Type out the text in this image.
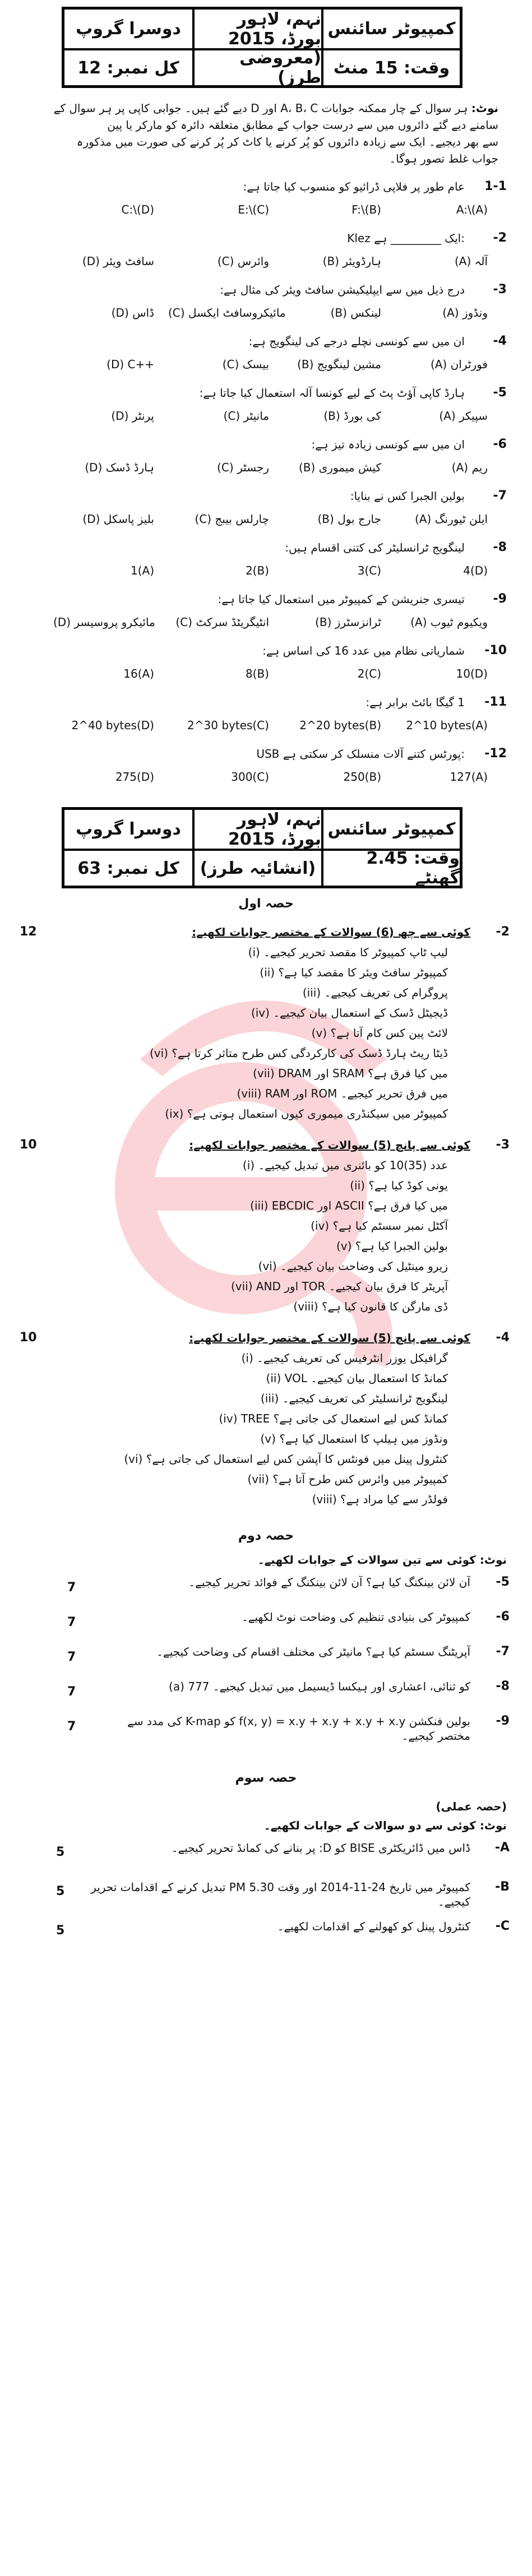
دوسرا گروپ	نہم، لاہور بورڈ، 2015 کمپیوٹر سائنس
کل نمبر: 12	(معروضی طرز) وقت: 15 منٹ
نوٹ: ہر سوال کے چار ممکنہ جوابات A، B، C اور D دیے گئے ہیں۔ جوابی کاپی پر ہر سوال کے
سامنے دیے گئے دائروں میں سے درست جواب کے مطابق متعلقہ دائرہ کو مارکر یا پین
سے بھر دیجیے۔ ایک سے زیادہ دائروں کو پُر کرنے یا کاٹ کر پُر کرنے کی صورت میں مذکورہ
جواب غلط تصور ہوگا۔
1-1
عام طور پر فلاپی ڈرائیو کو منسوب کیا جاتا ہے:
A:\(A)
F:\(B)
E:\(C)
C:\(D)
-2
Klez ایک _________ ہے:
(A) آلہ
(B) ہارڈویئر
(C) وائرس
(D) سافٹ ویئر
-3
درج ذیل میں سے ایپلیکیشن سافٹ ویئر کی مثال ہے:
(A) ونڈوز
(B) لینکس
(C) مائیکروسافٹ ایکسل
(D) ڈاس
-4
ان میں سے کونسی نچلے درجے کی لینگویج ہے:
(A) فورٹران
(B) مشین لینگویج
(C) بیسک
(D) C++
-5
ہارڈ کاپی آؤٹ پٹ کے لیے کونسا آلہ استعمال کیا جاتا ہے:
(A) سپیکر
(B) کی بورڈ
(C) مانیٹر
(D) پرنٹر
-6
ان میں سے کونسی زیادہ تیز ہے:
(A) ریم
(B) کیش میموری
(C) رجسٹر
(D) ہارڈ ڈسک
-7
بولین الجبرا کس نے بنایا:
(A) ایلن ٹیورنگ
(B) جارج بول
(C) چارلس بیبج
(D) بلیز پاسکل
-8
لینگویج ٹرانسلیٹر کی کتنی اقسام ہیں:
4(D)
3(C)
2(B)
1(A)
-9
تیسری جنریشن کے کمپیوٹر میں استعمال کیا جاتا ہے:
(A) ویکیوم ٹیوب
(B) ٹرانزسٹرز
(C) انٹیگریٹڈ سرکٹ
(D) مائیکرو پروسیسر
-10
شماریاتی نظام میں عدد 16 کی اساس ہے:
10(D)
2(C)
8(B)
16(A)
-11
1 گیگا بائٹ برابر ہے:
2^10 bytes(A)
2^20 bytes(B)
2^30 bytes(C)
2^40 bytes(D)
-12
USB پورٹس کتنے آلات منسلک کر سکتی ہے:
127(A)
250(B)
300(C)
275(D)
دوسرا گروپ	نہم، لاہور بورڈ، 2015 کمپیوٹر سائنس
کل نمبر: 63	(انشائیہ طرز)	وقت: 2.45 گھنٹے
حصہ اول
-2
12	کوئی سے چھ (6) سوالات کے مختصر جوابات لکھیے:
(i) لیپ ٹاپ کمپیوٹر کا مقصد تحریر کیجیے۔
(ii) کمپیوٹر سافٹ ویئر کا مقصد کیا ہے؟
(iii) پروگرام کی تعریف کیجیے۔
(iv) ڈیجیٹل ڈسک کے استعمال بیان کیجیے۔
(v) لائٹ پین کس کام آتا ہے؟
(vi) ڈیٹا ریٹ ہارڈ ڈسک کی کارکردگی کس طرح متاثر کرتا ہے؟
(vii) DRAM اور SRAM میں کیا فرق ہے؟
(viii) RAM اور ROM میں فرق تحریر کیجیے۔
(ix) کمپیوٹر میں سیکنڈری میموری کیوں استعمال ہوتی ہے؟
-3
10	کوئی سے پانچ (5) سوالات کے مختصر جوابات لکھیے:
(i) عدد (35)10 کو بائنری میں تبدیل کیجیے۔
(ii) یونی کوڈ کیا ہے؟
(iii) EBCDIC اور ASCII میں کیا فرق ہے؟
(iv) آکٹل نمبر سسٹم کیا ہے؟
(v) بولین الجبرا کیا ہے؟
(vi) زیرو مینٹیل کی وضاحت بیان کیجیے۔
(vii) AND اور TOR آپریٹر کا فرق بیان کیجیے۔
(viii) ڈی مارگن کا قانون کیا ہے؟
-4
10	کوئی سے پانچ (5) سوالات کے مختصر جوابات لکھیے:
(i) گرافیکل یوزر انٹرفیس کی تعریف کیجیے۔
(ii) VOL کمانڈ کا استعمال بیان کیجیے۔
(iii) لینگویج ٹرانسلیٹر کی تعریف کیجیے۔
(iv) TREE کمانڈ کس لیے استعمال کی جاتی ہے؟
(v) ونڈوز میں ہیلپ کا استعمال کیا ہے؟
(vi) کنٹرول پینل میں فونٹس کا آپشن کس لیے استعمال کی جاتی ہے؟
(vii) کمپیوٹر میں وائرس کس طرح آتا ہے؟
(viii) فولڈر سے کیا مراد ہے؟
حصہ دوم
نوٹ: کوئی سے تین سوالات کے جوابات لکھیے۔
-5
آن لائن بینکنگ کیا ہے؟ آن لائن بینکنگ کے فوائد تحریر کیجیے۔
7
-6
کمپیوٹر کی بنیادی تنظیم کی وضاحت نوٹ لکھیے۔
7
-7
آپریٹنگ سسٹم کیا ہے؟ مانیٹر کی مختلف اقسام کی وضاحت کیجیے۔
7
-8
(a) 777 کو ثنائی، اعشاری اور ہیکسا ڈیسیمل میں تبدیل کیجیے۔
7
-9
بولین فنکشن f(x, y) = x.y + x.y + x.y + x.y کو K-map کی مدد سے مختصر کیجیے۔
7
حصہ سوم
(حصہ عملی)
نوٹ: کوئی سے دو سوالات کے جوابات لکھیے۔
-A
ڈاس میں ڈائریکٹری BISE کو D: پر بنانے کی کمانڈ تحریر کیجیے۔
5
-B
کمپیوٹر میں تاریخ 24-11-2014 اور وقت 5.30 PM تبدیل کرنے کے اقدامات تحریر کیجیے۔
5
-C
کنٹرول پینل کو کھولنے کے اقدامات لکھیے۔
5
